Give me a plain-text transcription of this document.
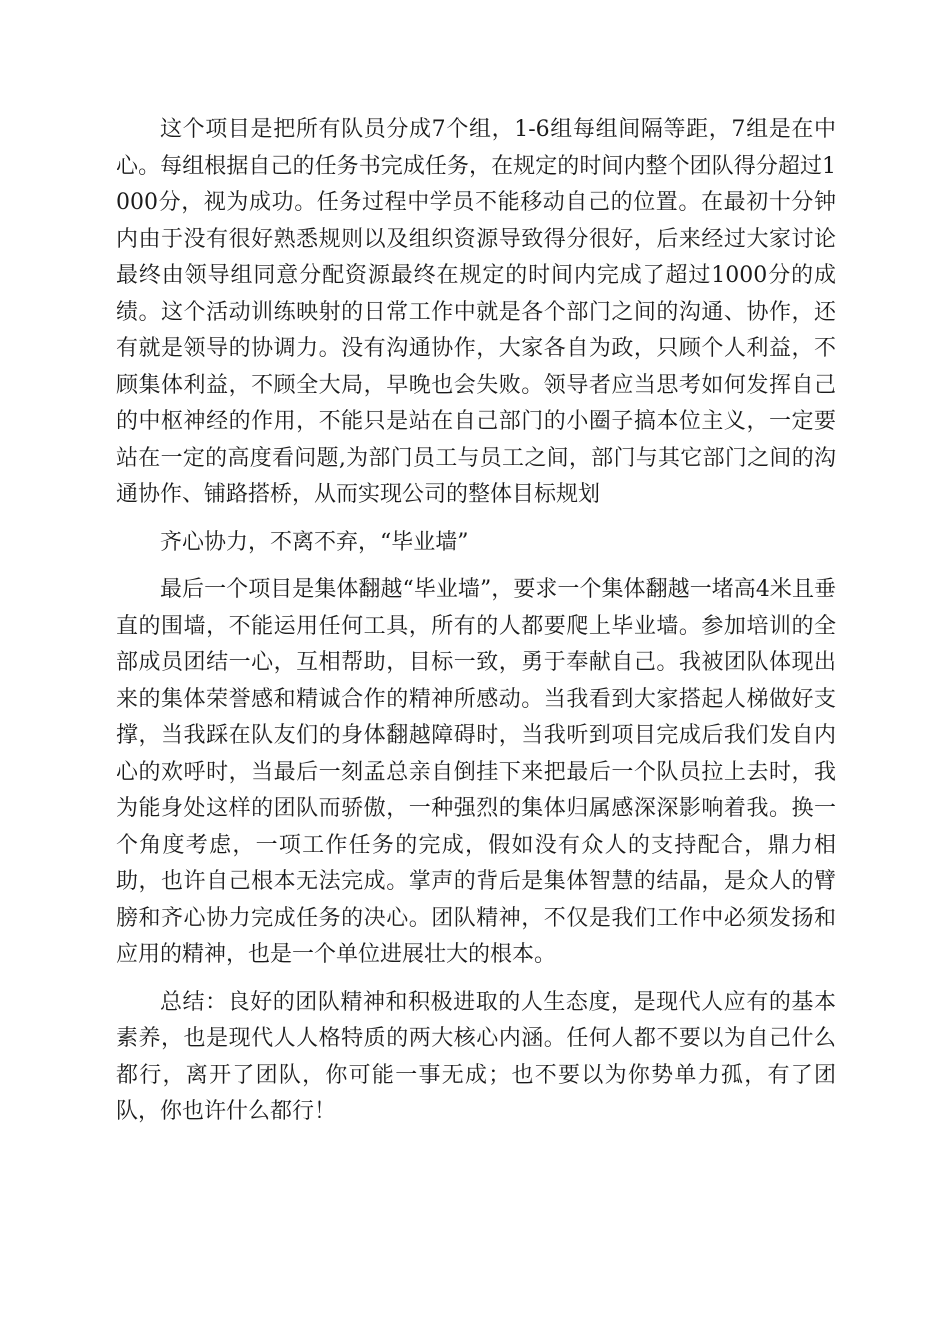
这个项目是把所有队员分成7个组，1-6组每组间隔等距，7组是在中心。每组根据自己的任务书完成任务，在规定的时间内整个团队得分超过1000分，视为成功。任务过程中学员不能移动自己的位置。在最初十分钟内由于没有很好熟悉规则以及组织资源导致得分很好，后来经过大家讨论最终由领导组同意分配资源最终在规定的时间内完成了超过1000分的成绩。这个活动训练映射的日常工作中就是各个部门之间的沟通、协作，还有就是领导的协调力。没有沟通协作，大家各自为政，只顾个人利益，不顾集体利益，不顾全大局，早晚也会失败。领导者应当思考如何发挥自己的中枢神经的作用，不能只是站在自己部门的小圈子搞本位主义，一定要站在一定的高度看问题,为部门员工与员工之间，部门与其它部门之间的沟通协作、铺路搭桥，从而实现公司的整体目标规划

齐心协力，不离不弃，“毕业墙”

最后一个项目是集体翻越“毕业墙”，要求一个集体翻越一堵高4米且垂直的围墙，不能运用任何工具，所有的人都要爬上毕业墙。参加培训的全部成员团结一心，互相帮助，目标一致，勇于奉献自己。我被团队体现出来的集体荣誉感和精诚合作的精神所感动。当我看到大家搭起人梯做好支撑，当我踩在队友们的身体翻越障碍时，当我听到项目完成后我们发自内心的欢呼时，当最后一刻孟总亲自倒挂下来把最后一个队员拉上去时，我为能身处这样的团队而骄傲，一种强烈的集体归属感深深影响着我。换一个角度考虑，一项工作任务的完成，假如没有众人的支持配合，鼎力相助，也许自己根本无法完成。掌声的背后是集体智慧的结晶，是众人的臂膀和齐心协力完成任务的决心。团队精神，不仅是我们工作中必须发扬和应用的精神，也是一个单位进展壮大的根本。

总结：良好的团队精神和积极进取的人生态度，是现代人应有的基本素养，也是现代人人格特质的两大核心内涵。任何人都不要以为自己什么都行，离开了团队，你可能一事无成；也不要以为你势单力孤，有了团队，你也许什么都行！
